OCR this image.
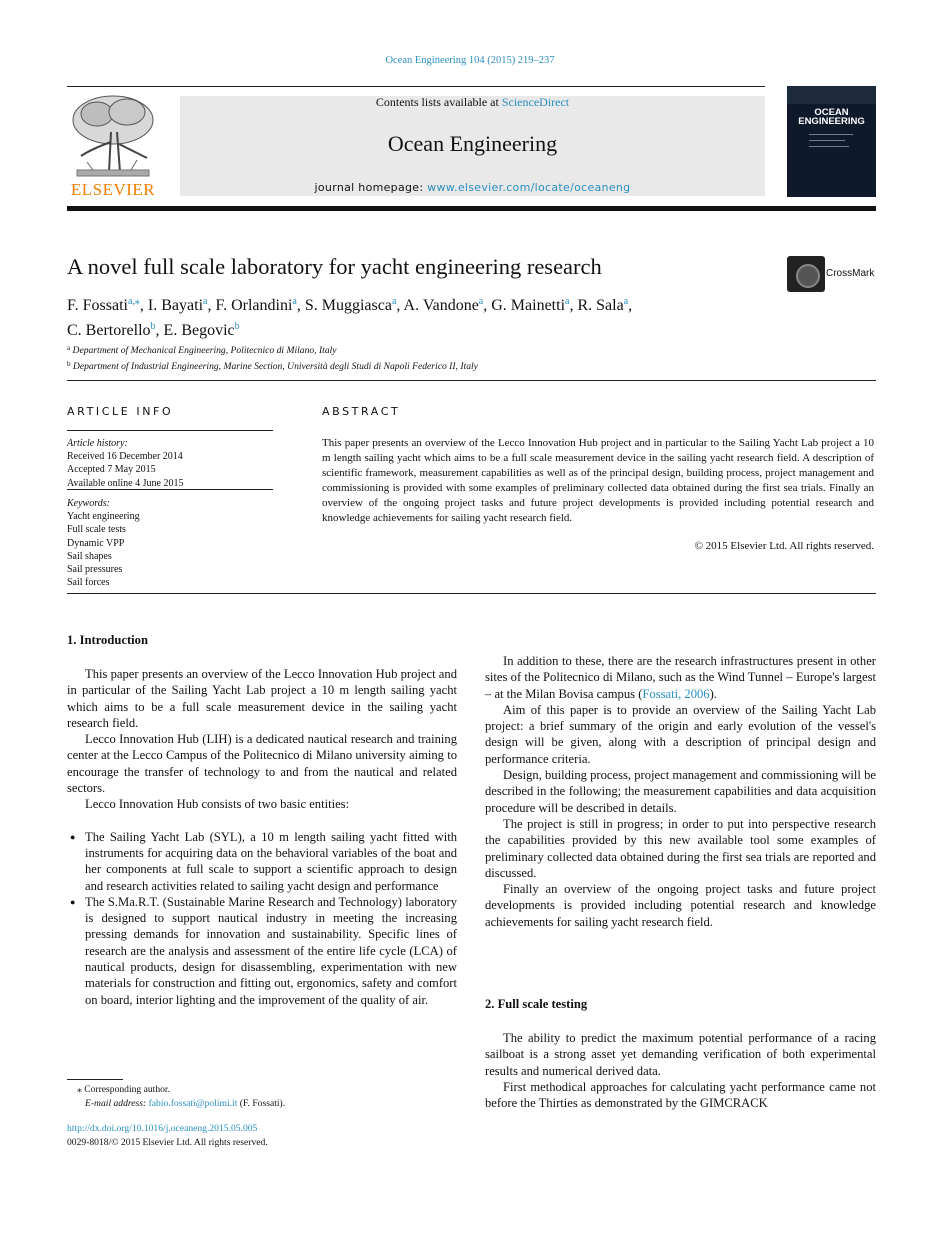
Ocean Engineering 104 (2015) 219–237
ELSEVIER
Contents lists available at ScienceDirect
Ocean Engineering
journal homepage: www.elsevier.com/locate/oceaneng
OCEAN
ENGINEERING
A novel full scale laboratory for yacht engineering research	CrossMark
F. Fossati$^{a,⁎}$, I. Bayati$^a$, F. Orlandini$^a$, S. Muggiasca$^a$, A. Vandone$^a$, G. Mainetti$^a$, R. Sala$^a$,
C. Bertorello$^b$, E. Begovic$^b$
$^a$ Department of Mechanical Engineering, Politecnico di Milano, Italy
$^b$ Department of Industrial Engineering, Marine Section, Università degli Studi di Napoli Federico II, Italy
ARTICLE INFO	ABSTRACT
Article history:
Received 16 December 2014
Accepted 7 May 2015
Available online 4 June 2015
Keywords:
Yacht engineering
Full scale tests
Dynamic VPP
Sail shapes
Sail pressures
Sail forces
This paper presents an overview of the Lecco Innovation Hub project and in particular to the Sailing Yacht Lab project a 10 m length sailing yacht which aims to be a full scale measurement device in the sailing yacht research field. A description of scientific framework, measurement capabilities as well as of the principal design, building process, project management and commissioning is provided with some examples of preliminary collected data obtained during the first sea trials. Finally an overview of the ongoing project tasks and future project developments is provided including potential research and knowledge achievements for sailing yacht research field.
© 2015 Elsevier Ltd. All rights reserved.
1. Introduction

This paper presents an overview of the Lecco Innovation Hub project and in particular of the Sailing Yacht Lab project a 10 m length sailing yacht which aims to be a full scale measurement device in the sailing yacht research field.

Lecco Innovation Hub (LIH) is a dedicated nautical research and training center at the Lecco Campus of the Politecnico di Milano university aiming to encourage the transfer of technology to and from the nautical and related sectors.

Lecco Innovation Hub consists of two basic entities:

● The Sailing Yacht Lab (SYL), a 10 m length sailing yacht fitted with instruments for acquiring data on the behavioral variables of the boat and her components at full scale to support a scientific approach to design and research activities related to sailing yacht design and performance
● The S.Ma.R.T. (Sustainable Marine Research and Technology) laboratory is designed to support nautical industry in meeting the increasing pressing demands for innovation and sustainability. Specific lines of research are the analysis and assessment of the entire life cycle (LCA) of nautical products, design for disassembling, experimentation with new materials for construction and fitting out, ergonomics, safety and comfort on board, interior lighting and the improvement of the quality of air.

In addition to these, there are the research infrastructures present in other sites of the Politecnico di Milano, such as the Wind Tunnel – Europe's largest – at the Milan Bovisa campus (Fossati, 2006).

Aim of this paper is to provide an overview of the Sailing Yacht Lab project: a brief summary of the origin and early evolution of the vessel's design will be given, along with a description of principal design and performance criteria.

Design, building process, project management and commissioning will be described in the following; the measurement capabilities and data acquisition procedure will be described in details.

The project is still in progress; in order to put into perspective research the capabilities provided by this new available tool some examples of preliminary collected data obtained during the first sea trials are reported and discussed.

Finally an overview of the ongoing project tasks and future project developments is provided including potential research and knowledge achievements for sailing yacht research field.

2. Full scale testing

The ability to predict the maximum potential performance of a racing sailboat is a strong asset yet demanding verification of both experimental results and numerical derived data.

First methodical approaches for calculating yacht performance came not before the Thirties as demonstrated by the GIMCRACK

⁎ Corresponding author.
E-mail address: fabio.fossati@polimi.it (F. Fossati).
http://dx.doi.org/10.1016/j.oceaneng.2015.05.005
0029-8018/© 2015 Elsevier Ltd. All rights reserved.
